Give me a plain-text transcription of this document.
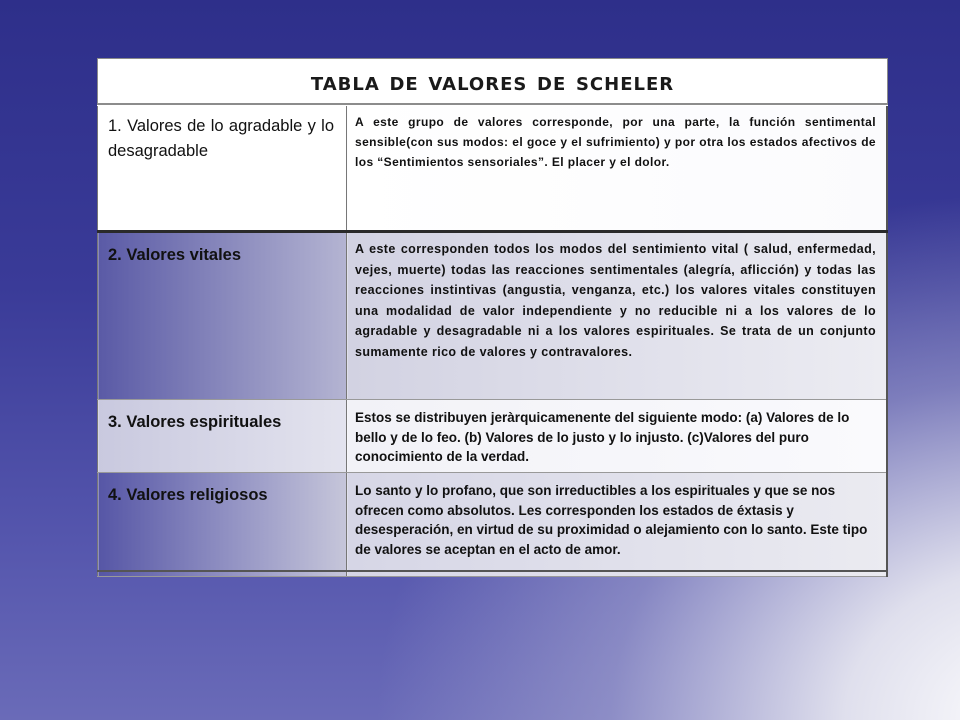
tabla de valores de scheler
1. Valores de lo agradable y lo desagradable	A este grupo de valores corresponde, por una parte, la función sentimental sensible(con sus modos: el goce y el sufrimiento) y por otra los estados afectivos de los “Sentimientos sensoriales”. El placer y el dolor.

2. Valores vitales	A este corresponden todos los modos del sentimiento vital ( salud, enfermedad, vejes, muerte) todas las reacciones sentimentales (alegría, aflicción) y todas las reacciones instintivas (angustia, venganza, etc.) los valores vitales constituyen una modalidad de valor independiente y no reducible ni a los valores de lo agradable y desagradable ni a los valores espirituales. Se trata de un conjunto sumamente rico de valores y contravalores.

3. Valores espirituales	Estos se distribuyen jeràrquicamenente del siguiente modo: (a) Valores de lo bello y de lo feo. (b) Valores de lo justo y lo injusto. (c)Valores del puro conocimiento de la verdad.

4. Valores religiosos	Lo santo y lo profano, que son irreductibles a los espirituales y que se nos ofrecen como absolutos. Les corresponden los estados de éxtasis y desesperación, en virtud de su proximidad o alejamiento con lo santo. Este tipo de valores se aceptan en el acto de amor.
